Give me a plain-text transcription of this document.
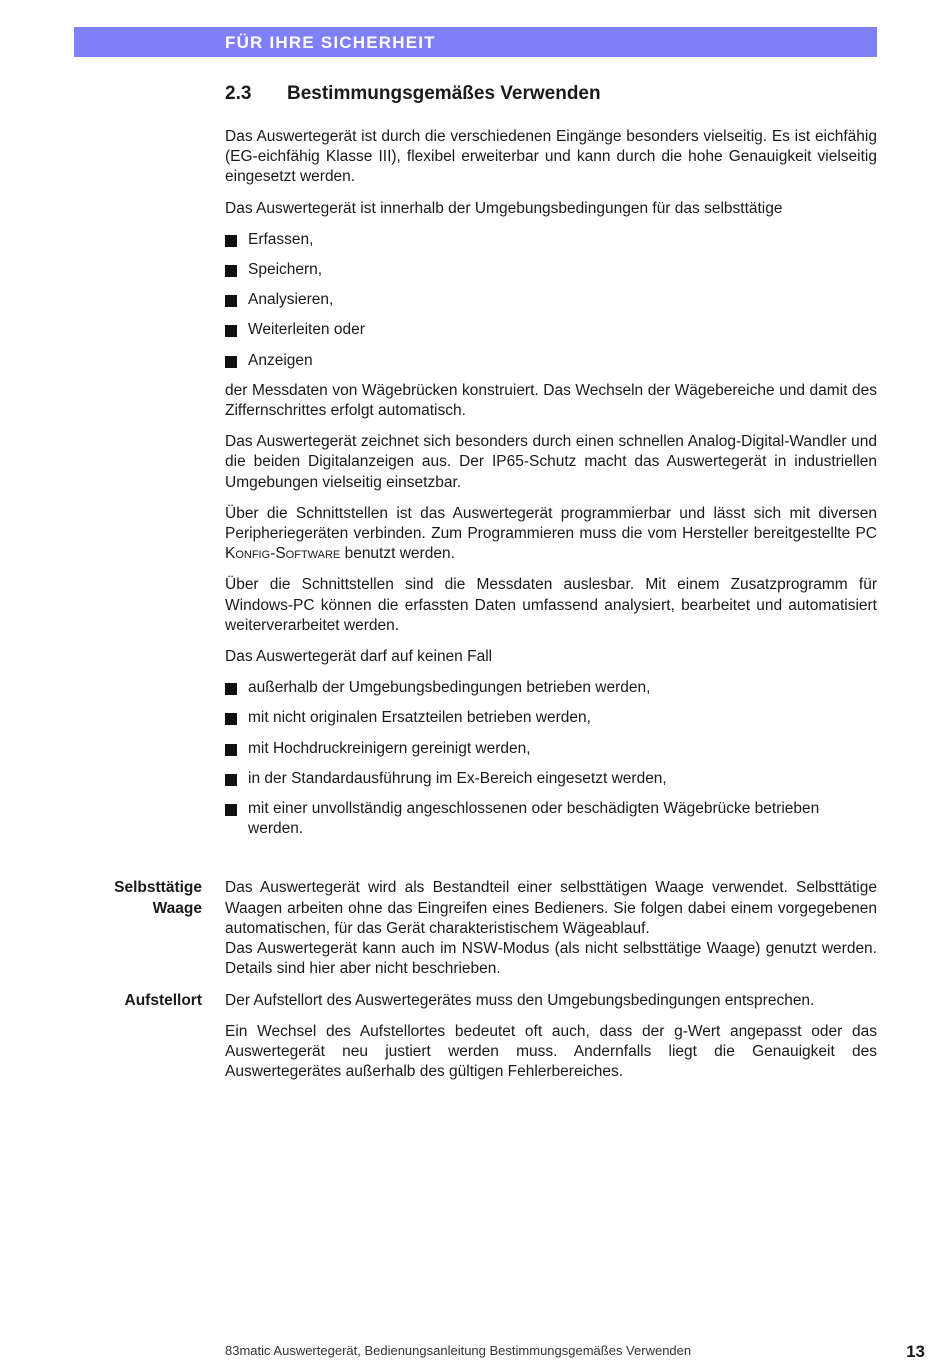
FÜR IHRE SICHERHEIT
2.3 Bestimmungsgemäßes Verwenden

Das Auswertegerät ist durch die verschiedenen Eingänge besonders vielseitig. Es ist eichfähig (EG-eichfähig Klasse III), flexibel erweiterbar und kann durch die hohe Genauigkeit vielseitig eingesetzt werden.

Das Auswertegerät ist innerhalb der Umgebungsbedingungen für das selbsttätige

Erfassen,
Speichern,
Analysieren,
Weiterleiten oder
Anzeigen

der Messdaten von Wägebrücken konstruiert. Das Wechseln der Wägebereiche und damit des Ziffernschrittes erfolgt automatisch.

Das Auswertegerät zeichnet sich besonders durch einen schnellen Analog-Digital-Wandler und die beiden Digitalanzeigen aus. Der IP65-Schutz macht das Auswertegerät in industriellen Umgebungen vielseitig einsetzbar.

Über die Schnittstellen ist das Auswertegerät programmierbar und lässt sich mit diversen Peripheriegeräten verbinden. Zum Programmieren muss die vom Hersteller bereitgestellte PC Konfig-Software benutzt werden.

Über die Schnittstellen sind die Messdaten auslesbar. Mit einem Zusatzprogramm für Windows-PC können die erfassten Daten umfassend analysiert, bearbeitet und automatisiert weiterverarbeitet werden.

Das Auswertegerät darf auf keinen Fall

außerhalb der Umgebungsbedingungen betrieben werden,
mit nicht originalen Ersatzteilen betrieben werden,
mit Hochdruckreinigern gereinigt werden,
in der Standardausführung im Ex-Bereich eingesetzt werden,
mit einer unvollständig angeschlossenen oder beschädigten Wägebrücke betrieben werden.
Selbsttätige
Waage

Das Auswertegerät wird als Bestandteil einer selbsttätigen Waage verwendet. Selbsttätige Waagen arbeiten ohne das Eingreifen eines Bedieners. Sie folgen dabei einem vorgegebenen automatischen, für das Gerät charakteristischem Wägeablauf.

Das Auswertegerät kann auch im NSW-Modus (als nicht selbsttätige Waage) genutzt werden. Details sind hier aber nicht beschrieben.

Aufstellort Der Aufstellort des Auswertegerätes muss den Umgebungsbedingungen entsprechen.

Ein Wechsel des Aufstellortes bedeutet oft auch, dass der g-Wert angepasst oder das Auswertegerät neu justiert werden muss. Andernfalls liegt die Genauigkeit des Auswertegerätes außerhalb des gültigen Fehlerbereiches.

83matic Auswertegerät, Bedienungsanleitung Bestimmungsgemäßes Verwenden	13
